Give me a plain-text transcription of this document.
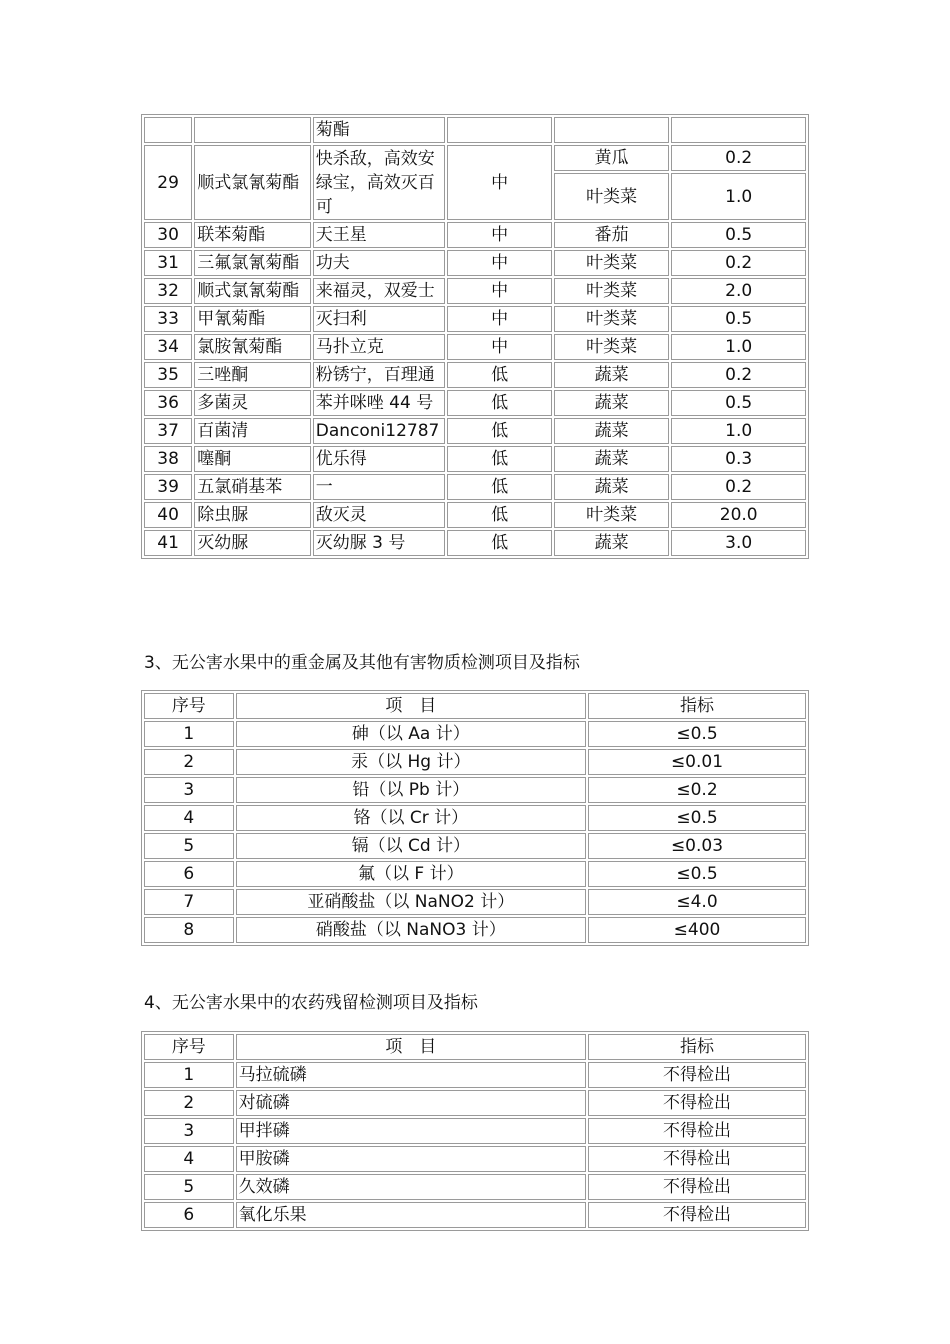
		菊酯			
29	顺式氯氰菊酯	快杀敌，高效安绿宝，高效灭百可	中	黄瓜	0.2
				叶类菜	1.0
30	联苯菊酯	天王星	中	番茄	0.5
31	三氟氯氰菊酯	功夫	中	叶类菜	0.2
32	顺式氯氰菊酯	来福灵，双爱士	中	叶类菜	2.0
33	甲氰菊酯	灭扫利	中	叶类菜	0.5
34	氯胺氰菊酯	马扑立克	中	叶类菜	1.0
35	三唑酮	粉锈宁，百理通	低	蔬菜	0.2
36	多菌灵	苯并咪唑 44 号	低	蔬菜	0.5
37	百菌清	Danconi12787	低	蔬菜	1.0
38	噻酮	优乐得	低	蔬菜	0.3
39	五氯硝基苯	一	低	蔬菜	0.2
40	除虫脲	敌灭灵	低	叶类菜	20.0
41	灭幼脲	灭幼脲 3 号	低	蔬菜	3.0
3、无公害水果中的重金属及其他有害物质检测项目及指标
序号	项　目	指标
1	砷（以 Aa 计）	≤0.5
2	汞（以 Hg 计）	≤0.01
3	铅（以 Pb 计）	≤0.2
4	铬（以 Cr 计）	≤0.5
5	镉（以 Cd 计）	≤0.03
6	氟（以 F 计）	≤0.5
7	亚硝酸盐（以 NaNO2 计）	≤4.0
8	硝酸盐（以 NaNO3 计）	≤400
4、无公害水果中的农药残留检测项目及指标
序号	项　目	指标
1	马拉硫磷	不得检出
2	对硫磷	不得检出
3	甲拌磷	不得检出
4	甲胺磷	不得检出
5	久效磷	不得检出
6	氧化乐果	不得检出
